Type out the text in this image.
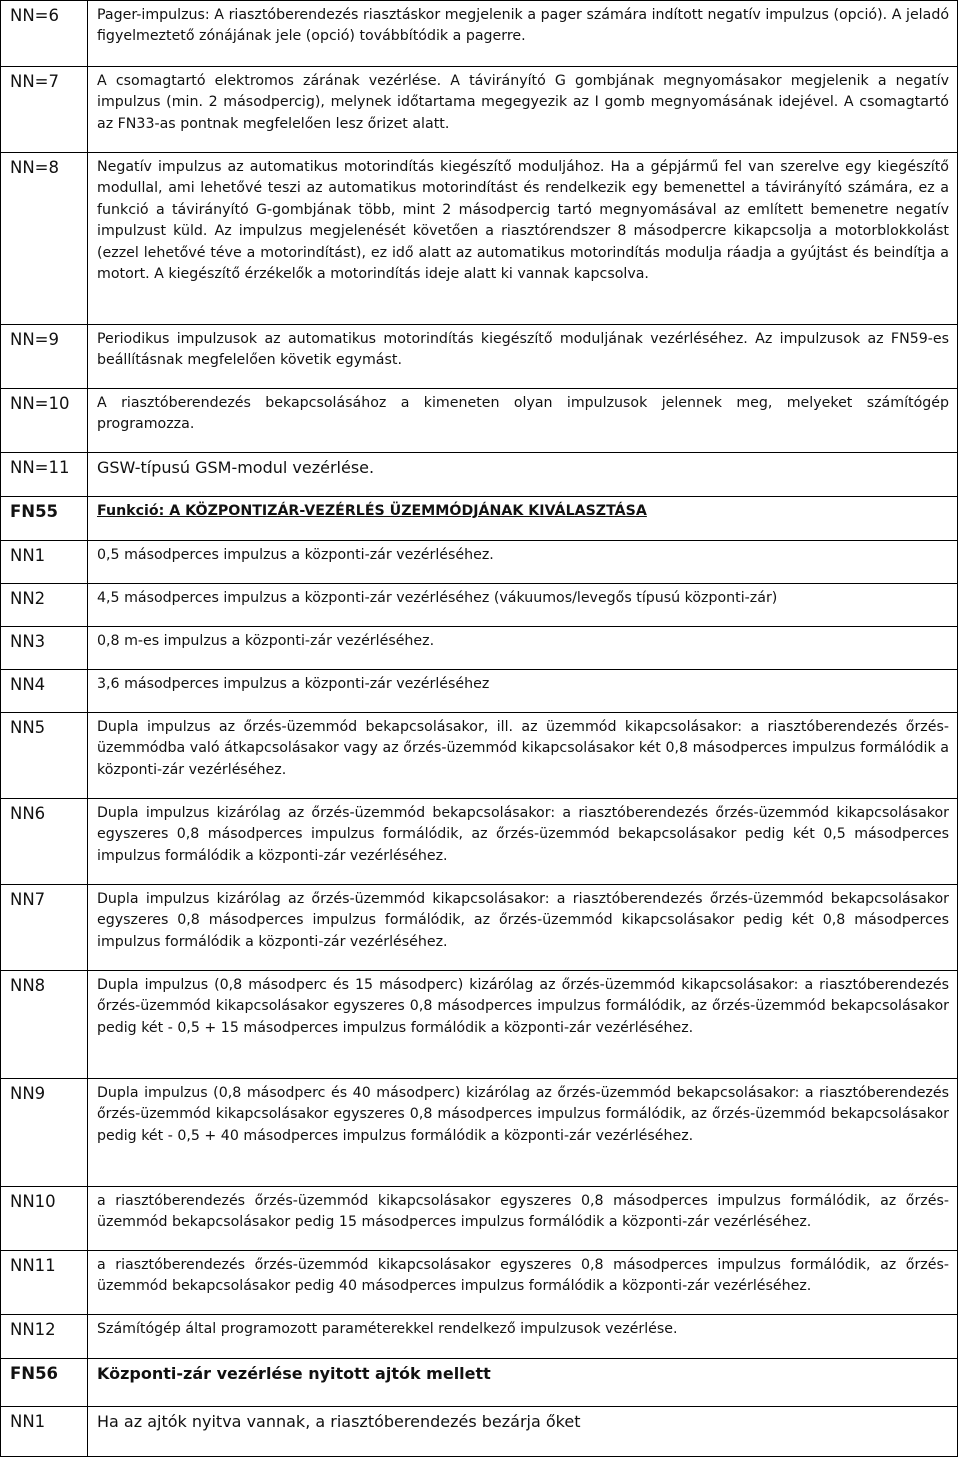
NN=6	Pager-impulzus: A riasztóberendezés riasztáskor megjelenik a pager számára indított negatív impulzus (opció). A jeladó figyelmeztető zónájának jele (opció) továbbítódik a pagerre.
NN=7	A csomagtartó elektromos zárának vezérlése. A távirányító G gombjának megnyomásakor megjelenik a negatív impulzus (min. 2 másodpercig), melynek időtartama megegyezik az I gomb megnyomásának idejével. A csomagtartó az FN33-as pontnak megfelelően lesz őrizet alatt.
NN=8	Negatív impulzus az automatikus motorindítás kiegészítő moduljához. Ha a gépjármű fel van szerelve egy kiegészítő modullal, ami lehetővé teszi az automatikus motorindítást és rendelkezik egy bemenettel a távirányító számára, ez a funkció a távirányító G-gombjának több, mint 2 másodpercig tartó megnyomásával az említett bemenetre negatív impulzust küld. Az impulzus megjelenését követően a riasztórendszer 8 másodpercre kikapcsolja a motorblokkolást (ezzel lehetővé téve a motorindítást), ez idő alatt az automatikus motorindítás modulja ráadja a gyújtást és beindítja a motort. A kiegészítő érzékelők a motorindítás ideje alatt ki vannak kapcsolva.
NN=9	Periodikus impulzusok az automatikus motorindítás kiegészítő moduljának vezérléséhez. Az impulzusok az FN59-es beállításnak megfelelően követik egymást.
NN=10	A riasztóberendezés bekapcsolásához a kimeneten olyan impulzusok jelennek meg, melyeket számítógép programozza.
NN=11	GSW-típusú GSM-modul vezérlése.
FN55	Funkció: A KÖZPONTIZÁR-VEZÉRLÉS ÜZEMMÓDJÁNAK KIVÁLASZTÁSA
NN1	0,5 másodperces impulzus a központi-zár vezérléséhez.
NN2	4,5 másodperces impulzus a központi-zár vezérléséhez (vákuumos/levegős típusú központi-zár)
NN3	0,8 m-es impulzus a központi-zár vezérléséhez.
NN4	3,6 másodperces impulzus a központi-zár vezérléséhez
NN5	Dupla impulzus az őrzés-üzemmód bekapcsolásakor, ill. az üzemmód kikapcsolásakor: a riasztóberendezés őrzés-üzemmódba való átkapcsolásakor vagy az őrzés-üzemmód kikapcsolásakor két 0,8 másodperces impulzus formálódik a központi-zár vezérléséhez.
NN6	Dupla impulzus kizárólag az őrzés-üzemmód bekapcsolásakor: a riasztóberendezés őrzés-üzemmód kikapcsolásakor egyszeres 0,8 másodperces impulzus formálódik, az őrzés-üzemmód bekapcsolásakor pedig két 0,5 másodperces impulzus formálódik a központi-zár vezérléséhez.
NN7	Dupla impulzus kizárólag az őrzés-üzemmód kikapcsolásakor: a riasztóberendezés őrzés-üzemmód bekapcsolásakor egyszeres 0,8 másodperces impulzus formálódik, az őrzés-üzemmód kikapcsolásakor pedig két 0,8 másodperces impulzus formálódik a központi-zár vezérléséhez.
NN8	Dupla impulzus (0,8 másodperc és 15 másodperc) kizárólag az őrzés-üzemmód kikapcsolásakor: a riasztóberendezés őrzés-üzemmód kikapcsolásakor egyszeres 0,8 másodperces impulzus formálódik, az őrzés-üzemmód bekapcsolásakor pedig két - 0,5 + 15 másodperces impulzus formálódik a központi-zár vezérléséhez.
NN9	Dupla impulzus (0,8 másodperc és 40 másodperc) kizárólag az őrzés-üzemmód bekapcsolásakor: a riasztóberendezés őrzés-üzemmód kikapcsolásakor egyszeres 0,8 másodperces impulzus formálódik, az őrzés-üzemmód bekapcsolásakor pedig két - 0,5 + 40 másodperces impulzus formálódik a központi-zár vezérléséhez.
NN10	a riasztóberendezés őrzés-üzemmód kikapcsolásakor egyszeres 0,8 másodperces impulzus formálódik, az őrzés-üzemmód bekapcsolásakor pedig 15 másodperces impulzus formálódik a központi-zár vezérléséhez.
NN11	a riasztóberendezés őrzés-üzemmód kikapcsolásakor egyszeres 0,8 másodperces impulzus formálódik, az őrzés-üzemmód bekapcsolásakor pedig 40 másodperces impulzus formálódik a központi-zár vezérléséhez.
NN12	Számítógép által programozott paraméterekkel rendelkező impulzusok vezérlése.
FN56	Központi-zár vezérlése nyitott ajtók mellett
NN1	Ha az ajtók nyitva vannak, a riasztóberendezés bezárja őket
